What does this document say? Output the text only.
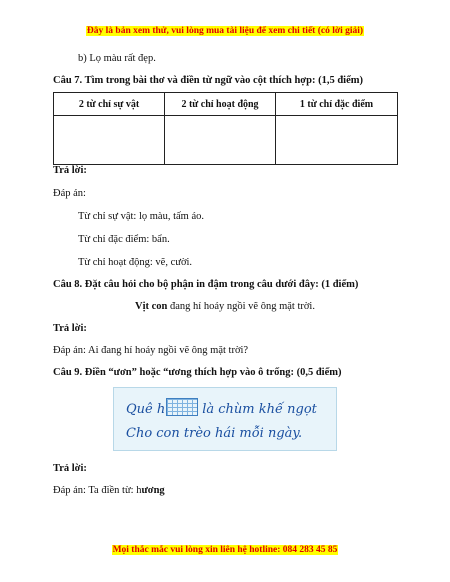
Đây là bản xem thử, vui lòng mua tài liệu để xem chi tiết (có lời giải)
b) Lọ màu rất đẹp.
Câu 7. Tìm trong bài thơ và điền từ ngữ vào cột thích hợp: (1,5 điểm)
2 từ chỉ sự vật	2 từ chỉ hoạt động	1 từ chỉ đặc điểm

Trả lời:
Đáp án:
Từ chỉ sự vật: lọ màu, tấm áo.
Từ chỉ đặc điểm: bẩn.
Từ chỉ hoạt động: vẽ, cười.
Câu 8. Đặt câu hỏi cho bộ phận in đậm trong câu dưới đây: (1 điểm)
Vịt con đang hí hoáy ngồi vẽ ông mặt trời.
Trả lời:
Đáp án: Ai đang hí hoáy ngồi vẽ ông mặt trời?
Câu 9. Điền “ươn” hoặc “ương thích hợp vào ô trống: (0,5 điểm)
Quê h	là chùm khế ngọt
Cho con trèo hái mỗi ngày.
Trả lời:
Đáp án: Ta điền từ: hương
Mọi thắc mắc vui lòng xin liên hệ hotline: 084 283 45 85
